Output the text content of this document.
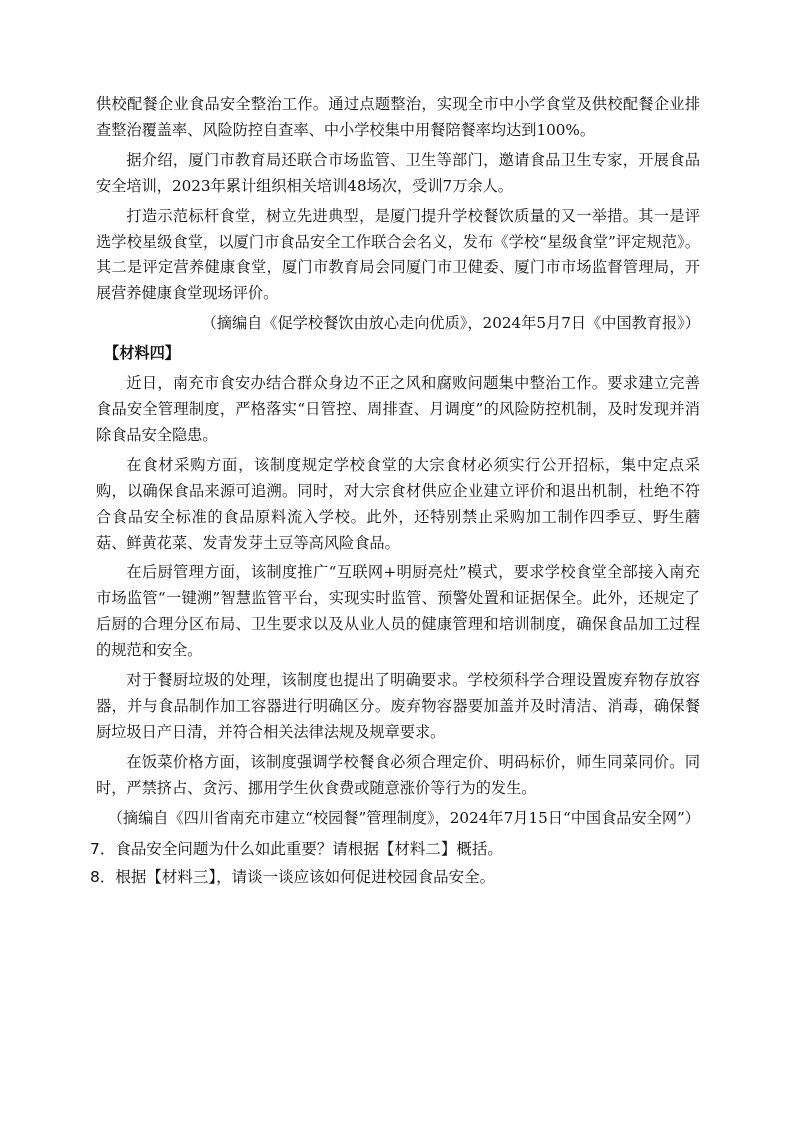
供校配餐企业食品安全整治工作。通过点题整治，实现全市中小学食堂及供校配餐企业排查整治覆盖率、风险防控自查率、中小学校集中用餐陪餐率均达到100%。

据介绍，厦门市教育局还联合市场监管、卫生等部门，邀请食品卫生专家，开展食品安全培训，2023年累计组织相关培训48场次，受训7万余人。

打造示范标杆食堂，树立先进典型，是厦门提升学校餐饮质量的又一举措。其一是评选学校星级食堂，以厦门市食品安全工作联合会名义，发布《学校“星级食堂”评定规范》。其二是评定营养健康食堂，厦门市教育局会同厦门市卫健委、厦门市市场监督管理局，开展营养健康食堂现场评价。

（摘编自《促学校餐饮由放心走向优质》，2024年5月7日《中国教育报》）

【材料四】

近日，南充市食安办结合群众身边不正之风和腐败问题集中整治工作。要求建立完善食品安全管理制度，严格落实“日管控、周排查、月调度”的风险防控机制，及时发现并消除食品安全隐患。

在食材采购方面，该制度规定学校食堂的大宗食材必须实行公开招标，集中定点采购，以确保食品来源可追溯。同时，对大宗食材供应企业建立评价和退出机制，杜绝不符合食品安全标准的食品原料流入学校。此外，还特别禁止采购加工制作四季豆、野生蘑菇、鲜黄花菜、发青发芽土豆等高风险食品。

在后厨管理方面，该制度推广“互联网+明厨亮灶”模式，要求学校食堂全部接入南充市场监管“一键溯”智慧监管平台，实现实时监管、预警处置和证据保全。此外，还规定了后厨的合理分区布局、卫生要求以及从业人员的健康管理和培训制度，确保食品加工过程的规范和安全。

对于餐厨垃圾的处理，该制度也提出了明确要求。学校须科学合理设置废弃物存放容器，并与食品制作加工容器进行明确区分。废弃物容器要加盖并及时清洁、消毒，确保餐厨垃圾日产日清，并符合相关法律法规及规章要求。

在饭菜价格方面，该制度强调学校餐食必须合理定价、明码标价，师生同菜同价。同时，严禁挤占、贪污、挪用学生伙食费或随意涨价等行为的发生。

（摘编自《四川省南充市建立“校园餐”管理制度》，2024年7月15日“中国食品安全网”）

7．食品安全问题为什么如此重要？请根据【材料二】概括。

8．根据【材料三】，请谈一谈应该如何促进校园食品安全。
